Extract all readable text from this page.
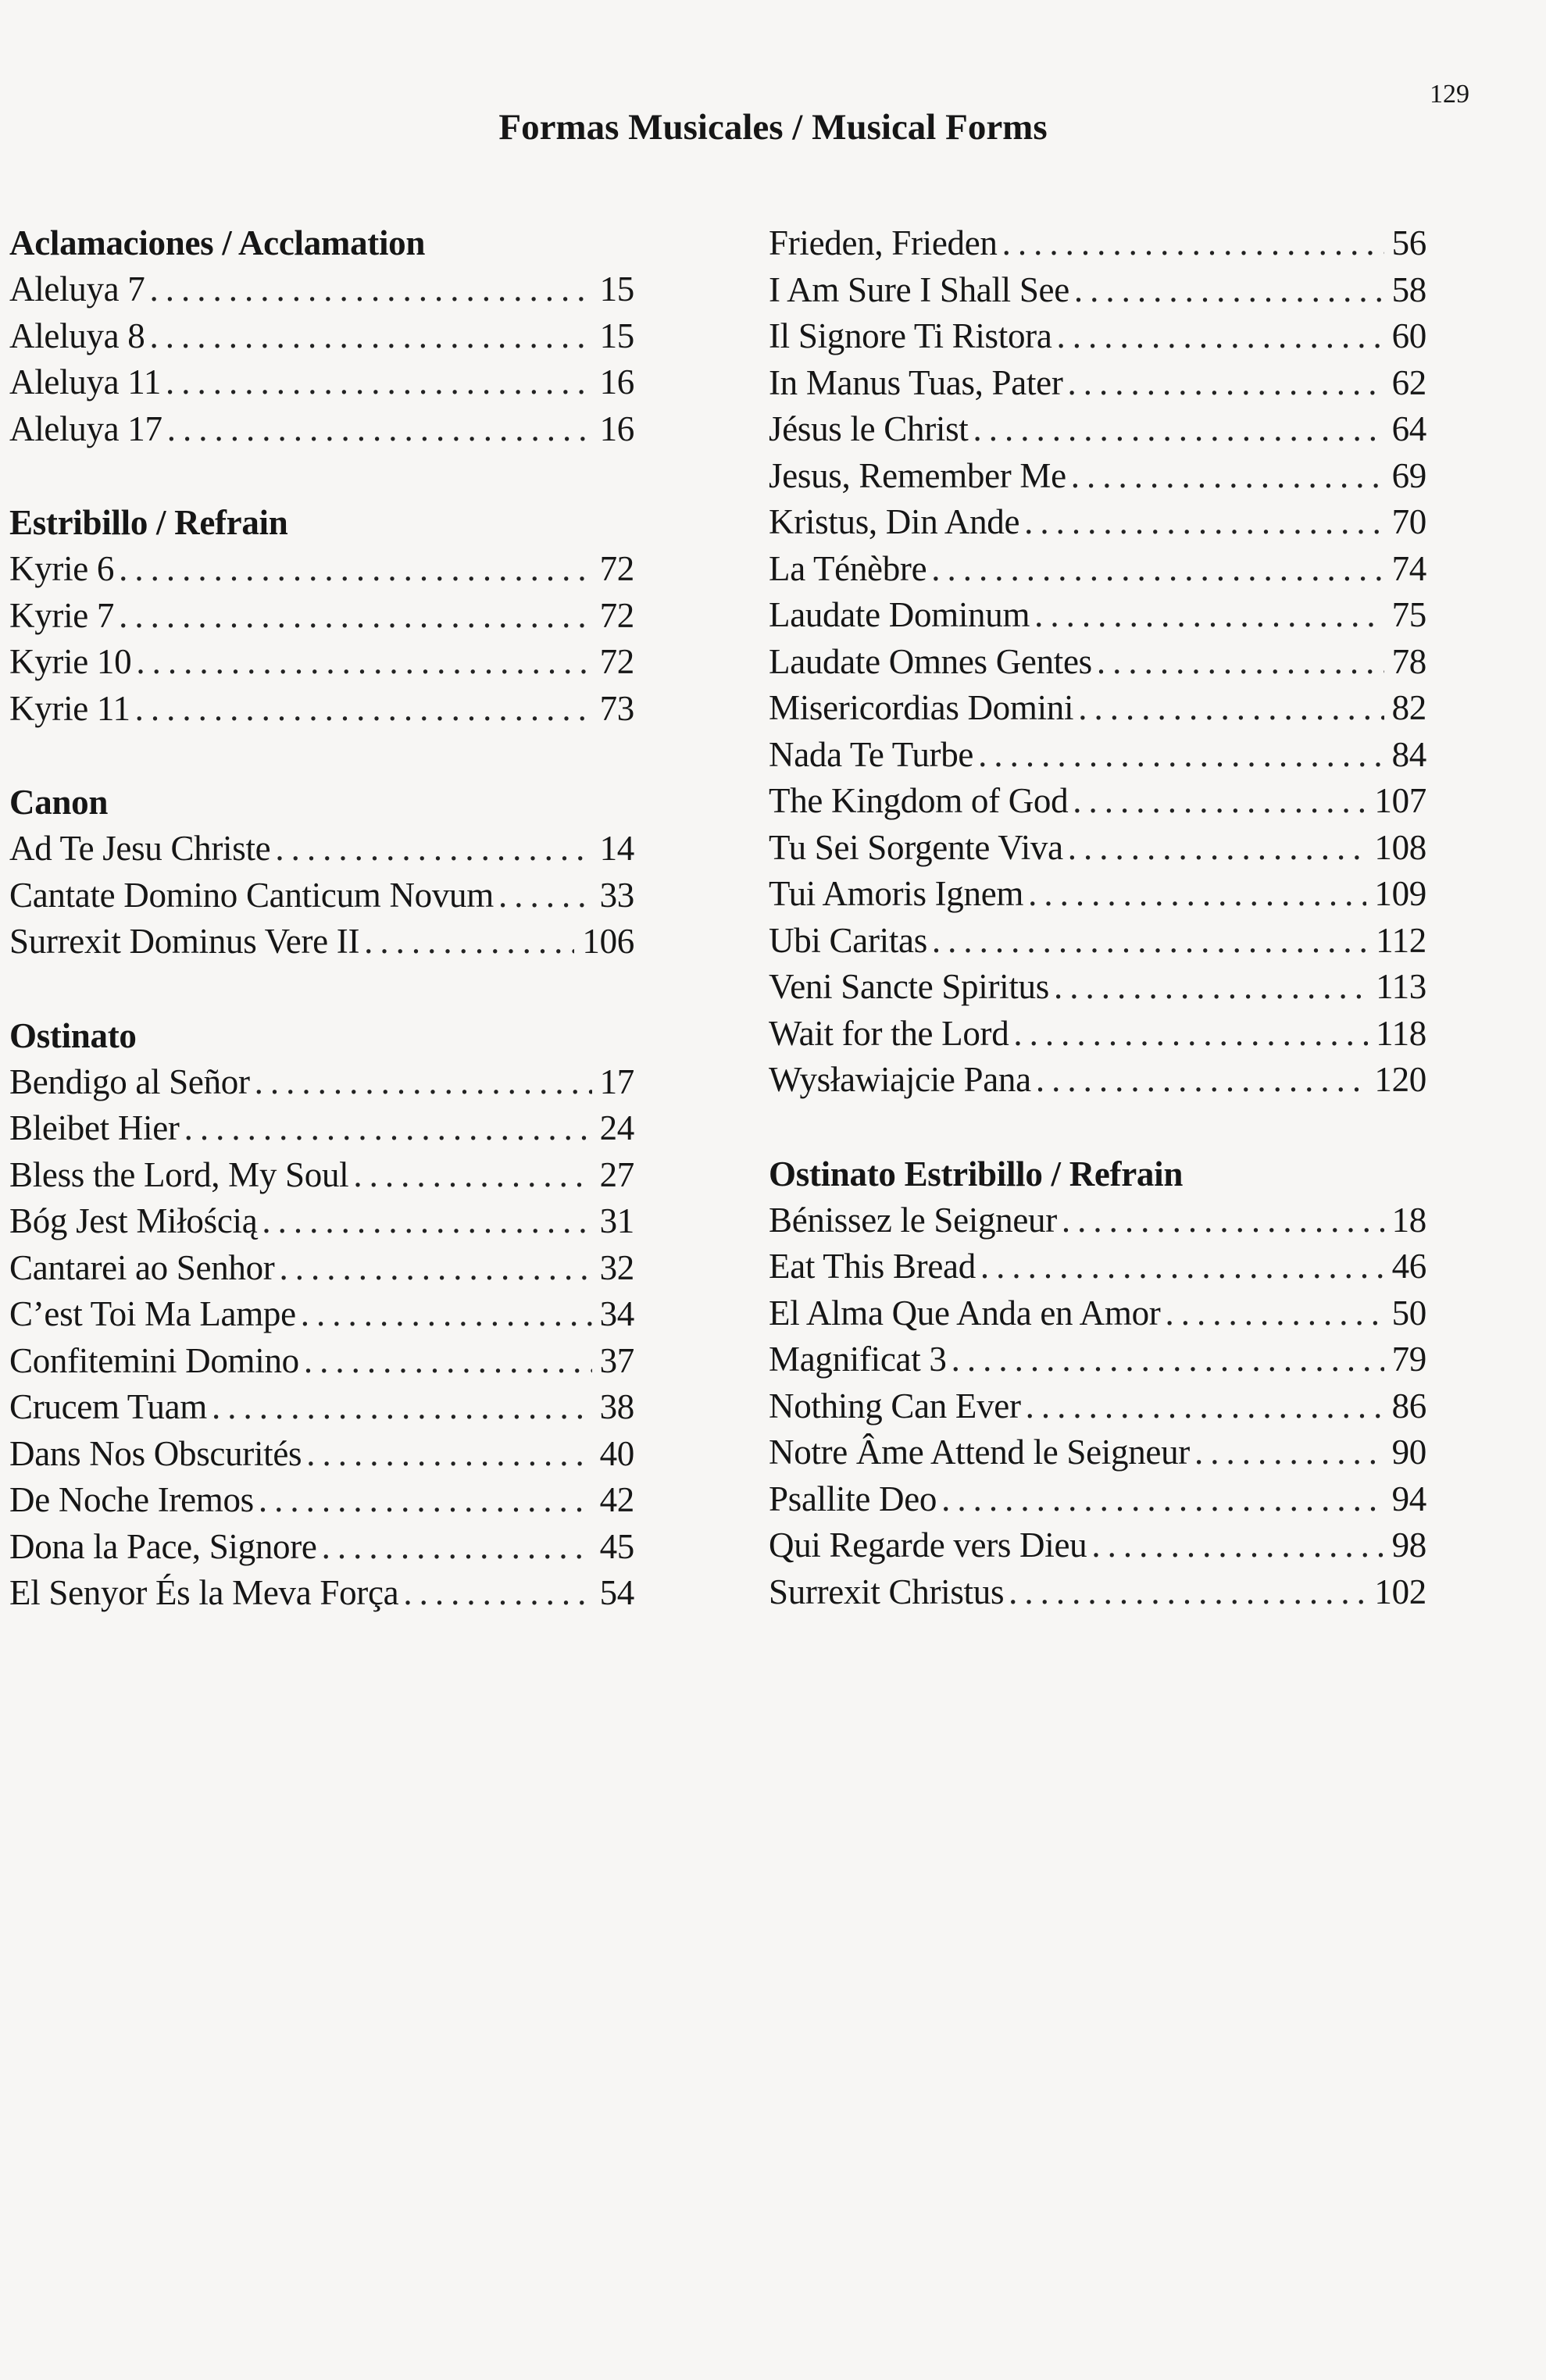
129
Formas Musicales / Musical Forms
Aclamaciones / Acclamation
Aleluya 7 .....	15
Aleluya 8 .....	15
Aleluya 11 .....	16
Aleluya 17 .....	16
Estribillo / Refrain
Kyrie 6 .....	72
Kyrie 7 .....	72
Kyrie 10 .....	72
Kyrie 11 .....	73
Canon
Ad Te Jesu Christe .....	14
Cantate Domino Canticum Novum .....	33
Surrexit Dominus Vere II .....	106
Ostinato
Bendigo al Señor .....	17
Bleibet Hier .....	24
Bless the Lord, My Soul .....	27
Bóg Jest Miłością .....	31
Cantarei ao Senhor .....	32
C’est Toi Ma Lampe .....	34
Confitemini Domino .....	37
Crucem Tuam .....	38
Dans Nos Obscurités .....	40
De Noche Iremos .....	42
Dona la Pace, Signore .....	45
El Senyor És la Meva Força .....	54
Frieden, Frieden .....	56
I Am Sure I Shall See .....	58
Il Signore Ti Ristora .....	60
In Manus Tuas, Pater .....	62
Jésus le Christ .....	64
Jesus, Remember Me .....	69
Kristus, Din Ande .....	70
La Ténèbre .....	74
Laudate Dominum .....	75
Laudate Omnes Gentes .....	78
Misericordias Domini .....	82
Nada Te Turbe .....	84
The Kingdom of God .....	107
Tu Sei Sorgente Viva .....	108
Tui Amoris Ignem .....	109
Ubi Caritas .....	112
Veni Sancte Spiritus .....	113
Wait for the Lord .....	118
Wysławiajcie Pana .....	120
Ostinato Estribillo / Refrain
Bénissez le Seigneur .....	18
Eat This Bread .....	46
El Alma Que Anda en Amor .....	50
Magnificat 3 .....	79
Nothing Can Ever .....	86
Notre Âme Attend le Seigneur .....	90
Psallite Deo .....	94
Qui Regarde vers Dieu .....	98
Surrexit Christus .....	102
